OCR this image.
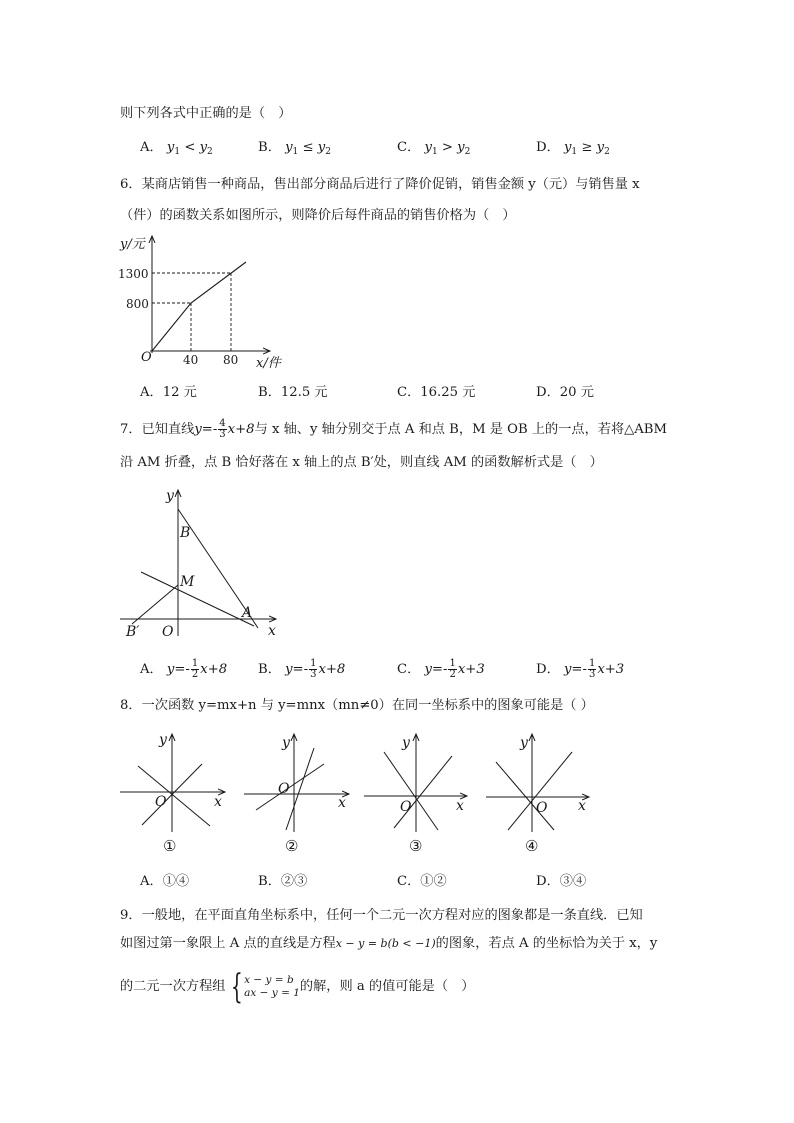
则下列各式中正确的是（　）
A． $y_1 < y_2$	B． $y_1 \le y_2$	C． $y_1 > y_2$	D． $y_1 \ge y_2$
6．某商店销售一种商品，售出部分商品后进行了降价促销，销售金额 y（元）与销售量 x
（件）的函数关系如图所示，则降价后每件商品的销售价格为（　）
y/元
1300
800
O	40 80 x/件
A．12 元	B．12.5 元	C．16.25 元	D．20 元
7．已知直线$y=- \frac{4}{3} x+8$与 x 轴、y 轴分别交于点 A 和点 B，M 是 OB 上的一点，若将△ABM
沿 AM 折叠，点 B 恰好落在 x 轴上的点 B′处，则直线 AM 的函数解析式是（　）
y
B
M
A
B′ O	x
A． $y=- \frac{1}{2} x+8$ B． $y=- \frac{1}{3} x+8$	C． $y=- \frac{1}{2} x+3$	D． $y=- \frac{1}{3} x+3$
8．一次函数 y=mx+n 与 y=mnx（mn≠0）在同一坐标系中的图象可能是（ ）
y
O	x
①
y
O
x
②
y
O	x
③
y
O x
④
A．①④	B．②③	C．①②	D．③④
9．一般地，在平面直角坐标系中，任何一个二元一次方程对应的图象都是一条直线．已知
如图过第一象限上 A 点的直线是方程x − y = b(b < −1)的图象，若点 A 的坐标恰为关于 x，y
的二元一次方程组 { x − y = b
ax − y = 1 的解，则 a 的值可能是（　）
